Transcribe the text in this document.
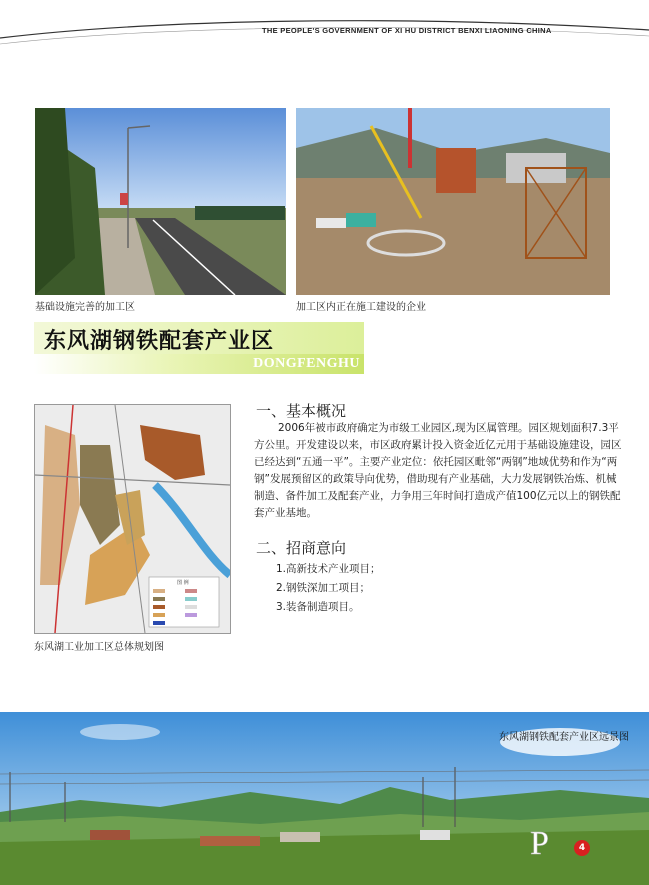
THE PEOPLE'S GOVERNMENT OF XI HU DISTRICT BENXI LIAONING CHINA
基础设施完善的加工区	加工区内正在施工建设的企业
东风湖钢铁配套产业区
DONGFENGHU
图 例
东风湖工业加工区总体规划图
一、基本概况
2006年被市政府确定为市级工业园区,现为区属管理。园区规划面积7.3平方公里。开发建设以来，市区政府累计投入资金近亿元用于基础设施建设，园区已经达到“五通一平”。主要产业定位：依托园区毗邻“两钢”地域优势和作为“两钢”发展预留区的政策导向优势，借助现有产业基础，大力发展钢铁冶炼、机械制造、备件加工及配套产业，力争用三年时间打造成产值100亿元以上的钢铁配套产业基地。
二、招商意向
1.高新技术产业项目；
2.钢铁深加工项目；
3.装备制造项目。
东风湖钢铁配套产业区远景图
P	4
